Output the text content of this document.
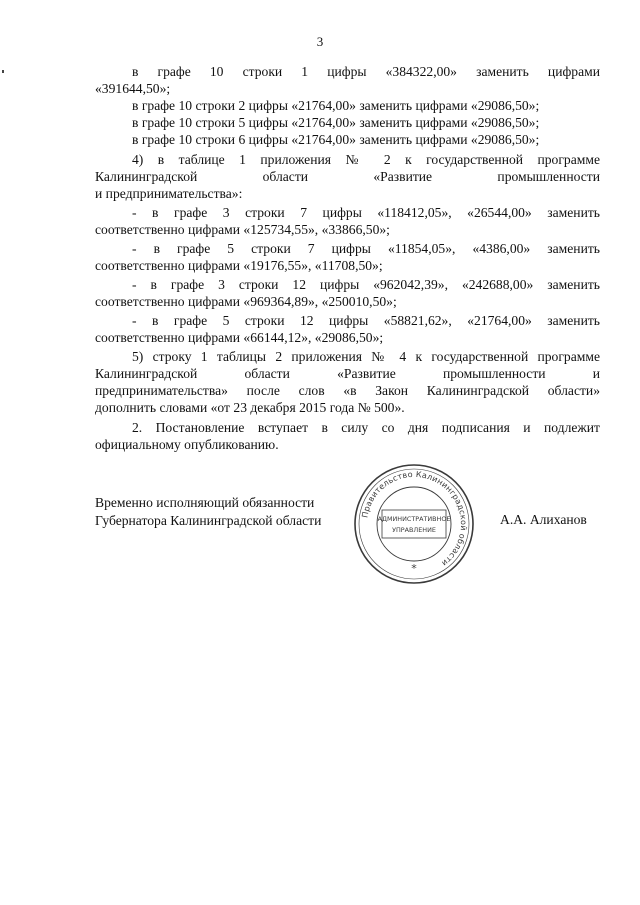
3
в графе 10 строки 1 цифры «384322,00» заменить цифрами
«391644,50»;
в графе 10 строки 2 цифры «21764,00» заменить цифрами «29086,50»;
в графе 10 строки 5 цифры «21764,00» заменить цифрами «29086,50»;
в графе 10 строки 6 цифры «21764,00» заменить цифрами «29086,50»;
4) в таблице 1 приложения № 2 к государственной программе
Калининградской области «Развитие промышленности
и предпринимательства»:
- в графе 3 строки 7 цифры «118412,05», «26544,00» заменить
соответственно цифрами «125734,55», «33866,50»;
- в графе 5 строки 7 цифры «11854,05», «4386,00» заменить
соответственно цифрами «19176,55», «11708,50»;
- в графе 3 строки 12 цифры «962042,39», «242688,00» заменить
соответственно цифрами «969364,89», «250010,50»;
- в графе 5 строки 12 цифры «58821,62», «21764,00» заменить
соответственно цифрами «66144,12», «29086,50»;
5) строку 1 таблицы 2 приложения № 4 к государственной программе
Калининградской области «Развитие промышленности и
предпринимательства» после слов «в Закон Калининградской области»
дополнить словами «от 23 декабря 2015 года № 500».
2. Постановление вступает в силу со дня подписания и подлежит
официальному опубликованию.
Временно исполняющий обязанности
Губернатора Калининградской области	А.А. Алиханов
Правительство Калининградской области
АДМИНИСТРАТИВНОЕ
УПРАВЛЕНИЕ
*
